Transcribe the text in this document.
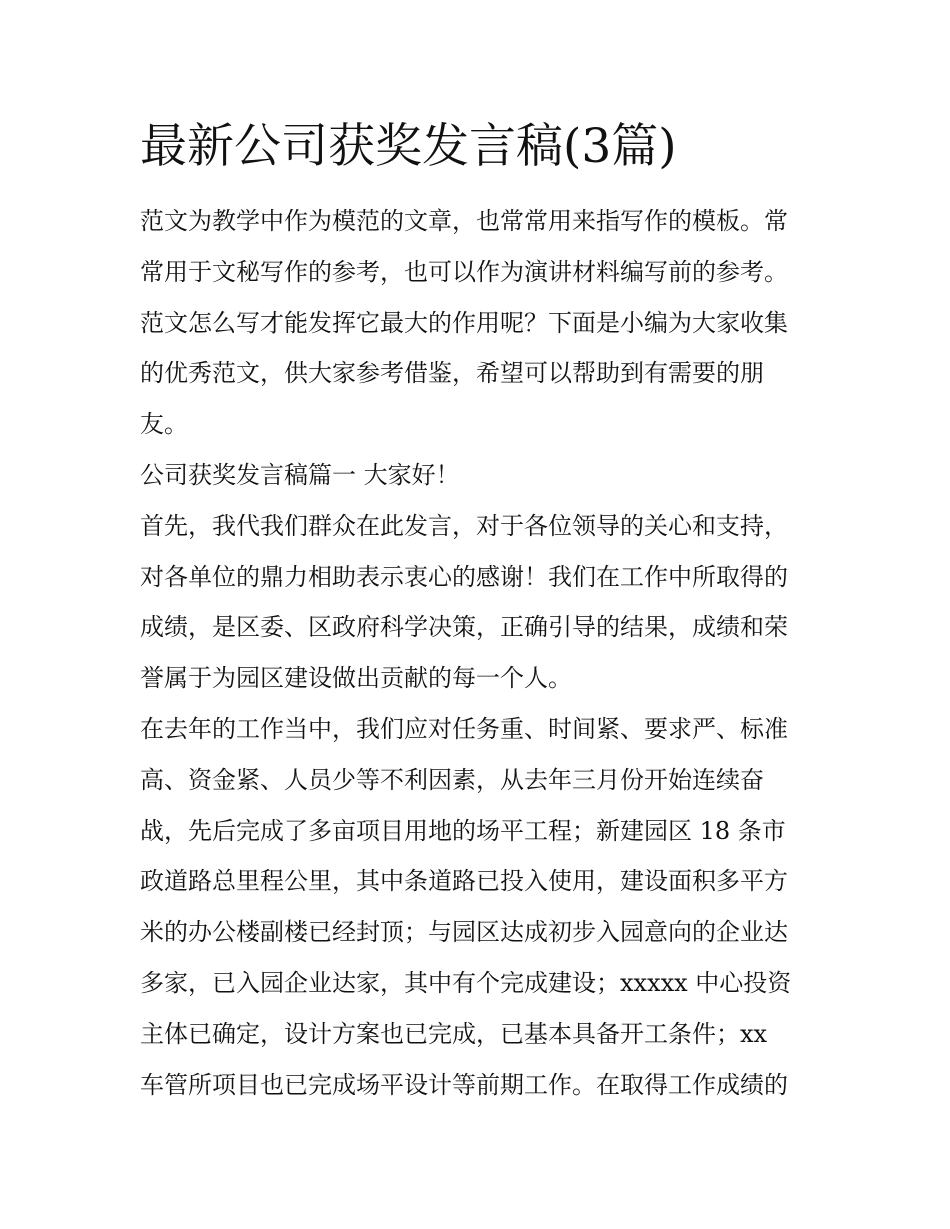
最新公司获奖发言稿(3篇)
范文为教学中作为模范的文章，也常常用来指写作的模板。常
常用于文秘写作的参考，也可以作为演讲材料编写前的参考。
范文怎么写才能发挥它最大的作用呢？下面是小编为大家收集
的优秀范文，供大家参考借鉴，希望可以帮助到有需要的朋
友。
公司获奖发言稿篇一 大家好！
首先，我代我们群众在此发言，对于各位领导的关心和支持，
对各单位的鼎力相助表示衷心的感谢！我们在工作中所取得的
成绩，是区委、区政府科学决策，正确引导的结果，成绩和荣
誉属于为园区建设做出贡献的每一个人。
在去年的工作当中，我们应对任务重、时间紧、要求严、标准
高、资金紧、人员少等不利因素，从去年三月份开始连续奋
战，先后完成了多亩项目用地的场平工程；新建园区 18 条市
政道路总里程公里，其中条道路已投入使用，建设面积多平方
米的办公楼副楼已经封顶；与园区达成初步入园意向的企业达
多家，已入园企业达家，其中有个完成建设；xxxxx 中心投资
主体已确定，设计方案也已完成，已基本具备开工条件；xx
车管所项目也已完成场平设计等前期工作。在取得工作成绩的
